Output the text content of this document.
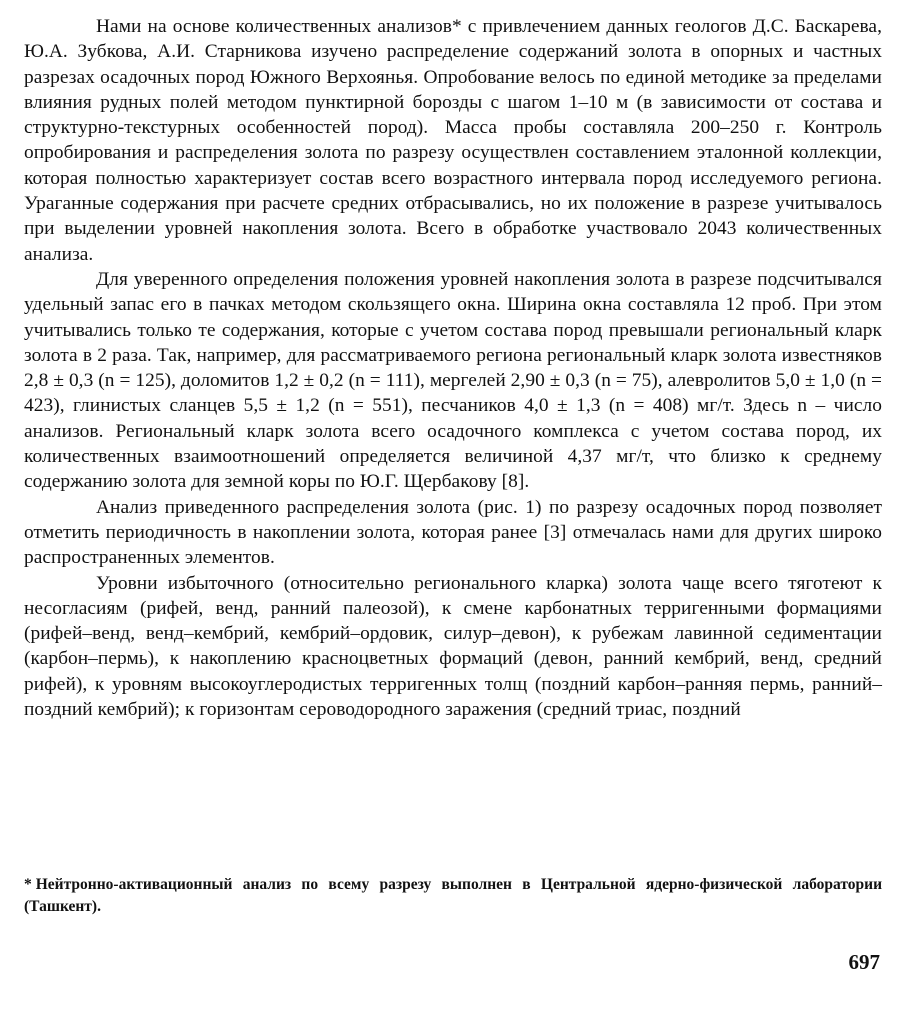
Нами на основе количественных анализов* с привлечением данных геологов Д.С. Баскарева, Ю.А. Зубкова, А.И. Старникова изучено распределение содержаний золота в опорных и частных разрезах осадочных пород Южного Верхоянья. Опробование велось по единой методике за пределами влияния рудных полей методом пунктирной борозды с шагом 1–10 м (в зависимости от состава и структурно-текстурных особенностей пород). Масса пробы составляла 200–250 г. Контроль опробирования и распределения золота по разрезу осуществлен составлением эталонной коллекции, которая полностью характеризует состав всего возрастного интервала пород исследуемого региона. Ураганные содержания при расчете средних отбрасывались, но их положение в разрезе учитывалось при выделении уровней накопления золота. Всего в обработке участвовало 2043 количественных анализа.

Для уверенного определения положения уровней накопления золота в разрезе подсчитывался удельный запас его в пачках методом скользящего окна. Ширина окна составляла 12 проб. При этом учитывались только те содержания, которые с учетом состава пород превышали региональный кларк золота в 2 раза. Так, например, для рассматриваемого региона региональный кларк золота известняков 2,8 ± 0,3 (n = 125), доломитов 1,2 ± 0,2 (n = 111), мергелей 2,90 ± 0,3 (n = 75), алевролитов 5,0 ± 1,0 (n = 423), глинистых сланцев 5,5 ± 1,2 (n = 551), песчаников 4,0 ± 1,3 (n = 408) мг/т. Здесь n – число анализов. Региональный кларк золота всего осадочного комплекса с учетом состава пород, их количественных взаимоотношений определяется величиной 4,37 мг/т, что близко к среднему содержанию золота для земной коры по Ю.Г. Щербакову [8].

Анализ приведенного распределения золота (рис. 1) по разрезу осадочных пород позволяет отметить периодичность в накоплении золота, которая ранее [3] отмечалась нами для других широко распространенных элементов.

Уровни избыточного (относительно регионального кларка) золота чаще всего тяготеют к несогласиям (рифей, венд, ранний палеозой), к смене карбонатных терригенными формациями (рифей–венд, венд–кембрий, кембрий–ордовик, силур–девон), к рубежам лавинной седиментации (карбон–пермь), к накоплению красноцветных формаций (девон, ранний кембрий, венд, средний рифей), к уровням высокоуглеродистых терригенных толщ (поздний карбон–ранняя пермь, ранний–поздний кембрий); к горизонтам сероводородного заражения (средний триас, поздний

* Нейтронно-активационный анализ по всему разрезу выполнен в Центральной ядерно-физической лаборатории (Ташкент).

697
